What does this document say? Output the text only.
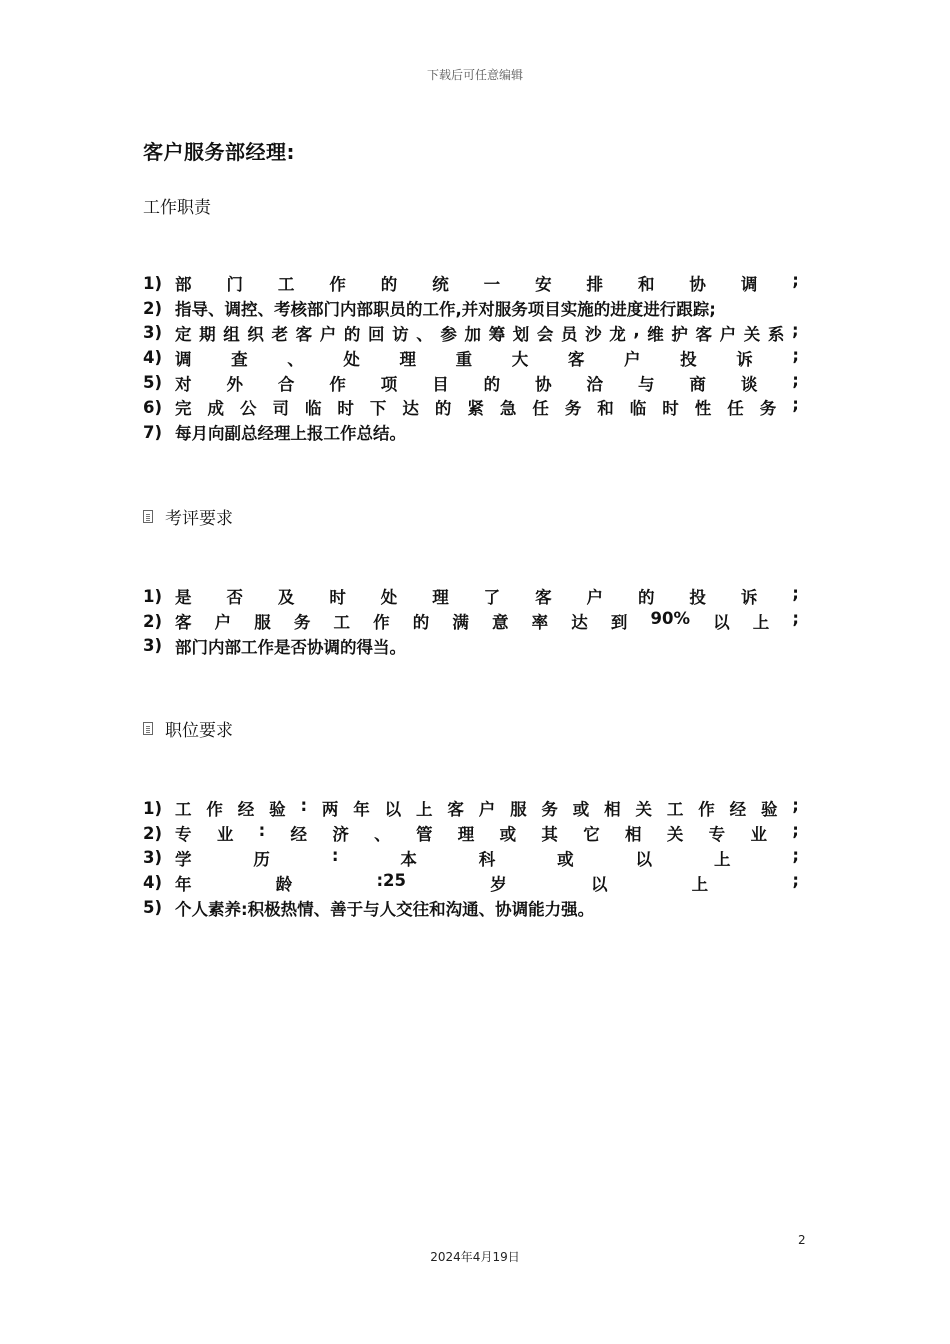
下载后可任意编辑
客户服务部经理:
工作职责
1) 部 门 工 作 的 统 一 安 排 和 协 调 ;
2) 指导、调控、考核部门内部职员的工作,并对服务项目实施的进度进行跟踪;
3) 定 期 组 织 老 客 户 的 回 访 、 参 加 筹 划 会 员 沙 龙 , 维 护 客 户 关 系 ;
4) 调 查 、 处 理 重 大 客 户 投 诉 ;
5) 对 外 合 作 项 目 的 协 洽 与 商 谈 ;
6) 完 成 公 司 临 时 下 达 的 紧 急 任 务 和 临 时 性 任 务 ;
7) 每月向副总经理上报工作总结。
考评要求
1) 是 否 及 时 处 理 了 客 户 的 投 诉 ;
2) 客 户 服 务 工 作 的 满 意 率 达 到 90% 以 上 ;
3) 部门内部工作是否协调的得当。
职位要求
1) 工 作 经 验 : 两 年 以 上 客 户 服 务 或 相 关 工 作 经 验 ;
2) 专 业 : 经 济 、 管 理 或 其 它 相 关 专 业 ;
3) 学	历	:	本	科	或	以	上	;
4) 年	龄	:25	岁	以	上	;
5) 个人素养:积极热情、善于与人交往和沟通、协调能力强。
2
2024年4月19日
